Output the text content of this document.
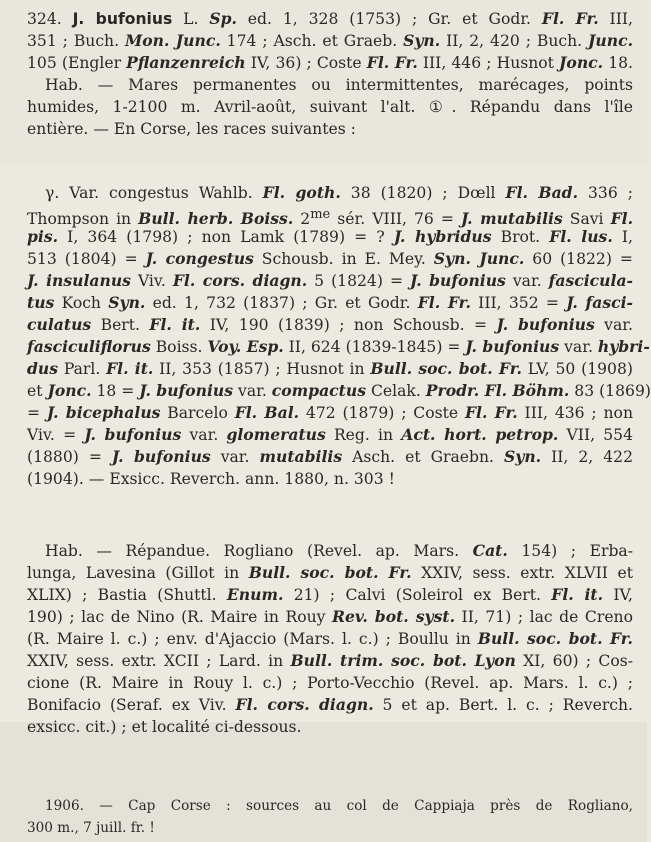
324. J. bufonius L. Sp. ed. 1, 328 (1753) ; Gr. et Godr. Fl. Fr. III,
351 ; Buch. Mon. Junc. 174 ; Asch. et Graeb. Syn. II, 2, 420 ; Buch. Junc.
105 (Engler Pflanzenreich IV, 36) ; Coste Fl. Fr. III, 446 ; Husnot Jonc. 18.
Hab. — Mares permanentes ou intermittentes, marécages, points
humides, 1-2100 m. Avril-août, suivant l'alt. ①. Répandu dans l'île
entière. — En Corse, les races suivantes :
γ. Var. congestus Wahlb. Fl. goth. 38 (1820) ; Dœll Fl. Bad. 336 ;
Thompson in Bull. herb. Boiss. $2^{me}$ sér. VIII, 76 = J. mutabilis Savi Fl.
pis. I, 364 (1798) ; non Lamk (1789) = ? J. hybridus Brot. Fl. lus. I,
513 (1804) = J. congestus Schousb. in E. Mey. Syn. Junc. 60 (1822) =
J. insulanus Viv. Fl. cors. diagn. 5 (1824) = J. bufonius var. fascicula-
tus Koch Syn. ed. 1, 732 (1837) ; Gr. et Godr. Fl. Fr. III, 352 = J. fasci-
culatus Bert. Fl. it. IV, 190 (1839) ; non Schousb. = J. bufonius var.
fasciculiflorus Boiss. Voy. Esp. II, 624 (1839-1845) = J. bufonius var. hybri-
dus Parl. Fl. it. II, 353 (1857) ; Husnot in Bull. soc. bot. Fr. LV, 50 (1908)
et Jonc. 18 = J. bufonius var. compactus Celak. Prodr. Fl. Böhm. 83 (1869)
= J. bicephalus Barcelo Fl. Bal. 472 (1879) ; Coste Fl. Fr. III, 436 ; non
Viv. = J. bufonius var. glomeratus Reg. in Act. hort. petrop. VII, 554
(1880) = J. bufonius var. mutabilis Asch. et Graebn. Syn. II, 2, 422
(1904). — Exsicc. Reverch. ann. 1880, n. 303 !
Hab. — Répandue. Rogliano (Revel. ap. Mars. Cat. 154) ; Erba-
lunga, Lavesina (Gillot in Bull. soc. bot. Fr. XXIV, sess. extr. XLVII et
XLIX) ; Bastia (Shuttl. Enum. 21) ; Calvi (Soleirol ex Bert. Fl. it. IV,
190) ; lac de Nino (R. Maire in Rouy Rev. bot. syst. II, 71) ; lac de Creno
(R. Maire l. c.) ; env. d'Ajaccio (Mars. l. c.) ; Boullu in Bull. soc. bot. Fr.
XXIV, sess. extr. XCII ; Lard. in Bull. trim. soc. bot. Lyon XI, 60) ; Cos-
cione (R. Maire in Rouy l. c.) ; Porto-Vecchio (Revel. ap. Mars. l. c.) ;
Bonifacio (Seraf. ex Viv. Fl. cors. diagn. 5 et ap. Bert. l. c. ; Reverch.
exsicc. cit.) ; et localité ci-dessous.
1906. — Cap Corse : sources au col de Cappiaja près de Rogliano,
300 m., 7 juill. fr. !
